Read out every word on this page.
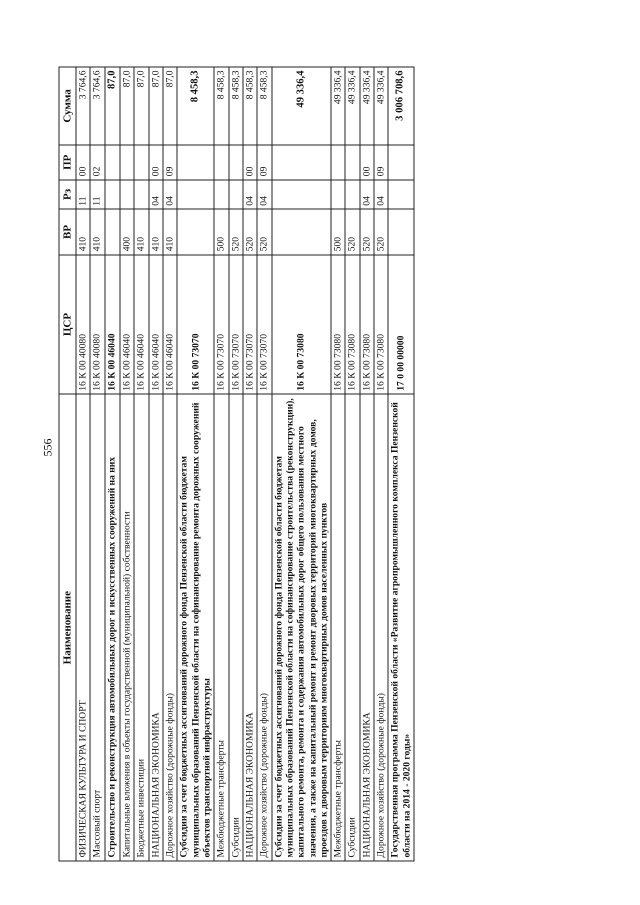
556
Наименование	ЦСР	ВР	Рз	ПР	Сумма
ФИЗИЧЕСКАЯ КУЛЬТУРА И СПОРТ	16 К 00 40080	410	11	00	3 764,6
Массовый спорт	16 К 00 40080	410	11	02	3 764,6
Строительство и реконструкция автомобильных дорог и искусственных сооружений на них	16 К 00 46040				87,0
Капитальные вложения в объекты государственной (муниципальной) собственности	16 К 00 46040	400			87,0
Бюджетные инвестиции	16 К 00 46040	410			87,0
НАЦИОНАЛЬНАЯ ЭКОНОМИКА	16 К 00 46040	410	04	00	87,0
Дорожное хозяйство (дорожные фонды)	16 К 00 46040	410	04	09	87,0
Субсидии за счет бюджетных ассигнований дорожного фонда Пензенской области бюджетам муниципальных образований Пензенской области на софинансирование ремонта дорожных сооружений объектов транспортной инфраструктуры	16 К 00 73070				8 458,3
Межбюджетные трансферты	16 К 00 73070	500			8 458,3
Субсидии	16 К 00 73070	520			8 458,3
НАЦИОНАЛЬНАЯ ЭКОНОМИКА	16 К 00 73070	520	04	00	8 458,3
Дорожное хозяйство (дорожные фонды)	16 К 00 73070	520	04	09	8 458,3
Субсидии за счет бюджетных ассигнований дорожного фонда Пензенской области бюджетам муниципальных образований Пензенской области на софинансирование строительства (реконструкции), капитального ремонта, ремонта и содержания автомобильных дорог общего пользования местного значения, а также на капитальный ремонт и ремонт дворовых территорий многоквартирных домов, проездов к дворовым территориям многоквартирных домов населенных пунктов	16 К 00 73080				49 336,4
Межбюджетные трансферты	16 К 00 73080	500			49 336,4
Субсидии	16 К 00 73080	520			49 336,4
НАЦИОНАЛЬНАЯ ЭКОНОМИКА	16 К 00 73080	520	04	00	49 336,4
Дорожное хозяйство (дорожные фонды)	16 К 00 73080	520	04	09	49 336,4
Государственная программа Пензенской области «Развитие агропромышленного комплекса Пензенской области на 2014 - 2020 годы»	17 0 00 00000				3 006 708,6
